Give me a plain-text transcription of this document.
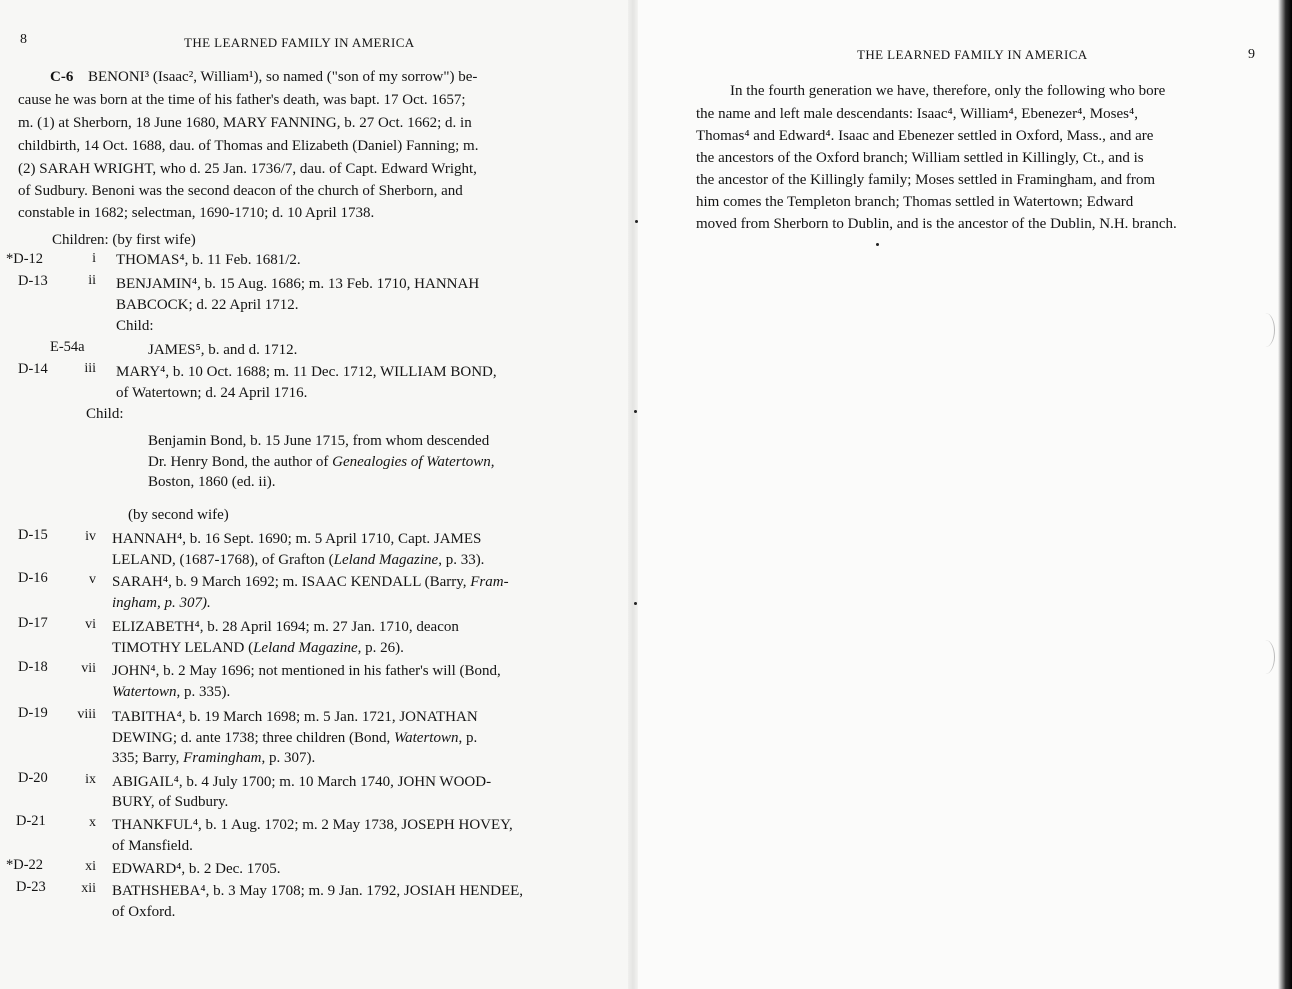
8	THE LEARNED FAMILY IN AMERICA
C-6 BENONI³ (Isaac², William¹), so named ("son of my sorrow") be-
cause he was born at the time of his father's death, was bapt. 17 Oct. 1657;
m. (1) at Sherborn, 18 June 1680, MARY FANNING, b. 27 Oct. 1662; d. in
childbirth, 14 Oct. 1688, dau. of Thomas and Elizabeth (Daniel) Fanning; m.
(2) SARAH WRIGHT, who d. 25 Jan. 1736/7, dau. of Capt. Edward Wright,
of Sudbury. Benoni was the second deacon of the church of Sherborn, and
constable in 1682; selectman, 1690-1710; d. 10 April 1738.
Children: (by first wife)
*D-12	i THOMAS⁴, b. 11 Feb. 1681/2.
D-13	ii BENJAMIN⁴, b. 15 Aug. 1686; m. 13 Feb. 1710, HANNAH
BABCOCK; d. 22 April 1712.
Child:
E-54a	JAMES⁵, b. and d. 1712.
D-14	iii MARY⁴, b. 10 Oct. 1688; m. 11 Dec. 1712, WILLIAM BOND,
of Watertown; d. 24 April 1716.
Child:
Benjamin Bond, b. 15 June 1715, from whom descended
Dr. Henry Bond, the author of Genealogies of Watertown,
Boston, 1860 (ed. ii).
(by second wife)
D-15	iv HANNAH⁴, b. 16 Sept. 1690; m. 5 April 1710, Capt. JAMES
LELAND, (1687-1768), of Grafton (Leland Magazine, p. 33).
D-16	v SARAH⁴, b. 9 March 1692; m. ISAAC KENDALL (Barry, Fram-
ingham, p. 307).
D-17	vi ELIZABETH⁴, b. 28 April 1694; m. 27 Jan. 1710, deacon
TIMOTHY LELAND (Leland Magazine, p. 26).
D-18	vii JOHN⁴, b. 2 May 1696; not mentioned in his father's will (Bond,
Watertown, p. 335).
D-19	viii TABITHA⁴, b. 19 March 1698; m. 5 Jan. 1721, JONATHAN
DEWING; d. ante 1738; three children (Bond, Watertown, p.
335; Barry, Framingham, p. 307).
D-20	ix ABIGAIL⁴, b. 4 July 1700; m. 10 March 1740, JOHN WOOD-
BURY, of Sudbury.
D-21	x THANKFUL⁴, b. 1 Aug. 1702; m. 2 May 1738, JOSEPH HOVEY,
of Mansfield.
*D-22	xi EDWARD⁴, b. 2 Dec. 1705.
D-23	xii BATHSHEBA⁴, b. 3 May 1708; m. 9 Jan. 1792, JOSIAH HENDEE,
of Oxford.
THE LEARNED FAMILY IN AMERICA	9
In the fourth generation we have, therefore, only the following who bore
the name and left male descendants: Isaac⁴, William⁴, Ebenezer⁴, Moses⁴,
Thomas⁴ and Edward⁴. Isaac and Ebenezer settled in Oxford, Mass., and are
the ancestors of the Oxford branch; William settled in Killingly, Ct., and is
the ancestor of the Killingly family; Moses settled in Framingham, and from
him comes the Templeton branch; Thomas settled in Watertown; Edward
moved from Sherborn to Dublin, and is the ancestor of the Dublin, N.H. branch.
